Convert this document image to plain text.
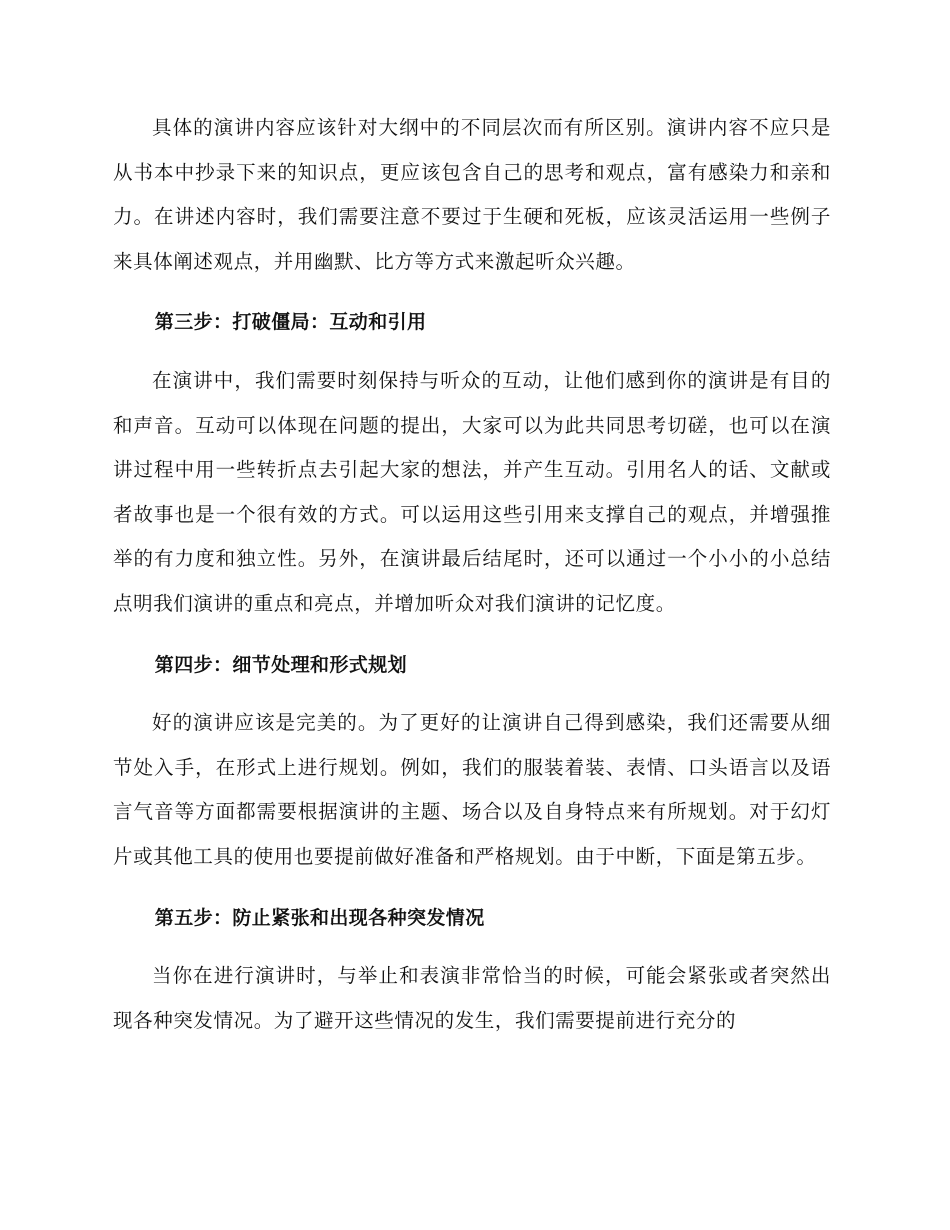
具体的演讲内容应该针对大纲中的不同层次而有所区别。演讲内容不应只是从书本中抄录下来的知识点，更应该包含自己的思考和观点，富有感染力和亲和力。在讲述内容时，我们需要注意不要过于生硬和死板，应该灵活运用一些例子来具体阐述观点，并用幽默、比方等方式来激起听众兴趣。

第三步：打破僵局：互动和引用

在演讲中，我们需要时刻保持与听众的互动，让他们感到你的演讲是有目的和声音。互动可以体现在问题的提出，大家可以为此共同思考切磋，也可以在演讲过程中用一些转折点去引起大家的想法，并产生互动。引用名人的话、文献或者故事也是一个很有效的方式。可以运用这些引用来支撑自己的观点，并增强推举的有力度和独立性。另外，在演讲最后结尾时，还可以通过一个小小的小总结点明我们演讲的重点和亮点，并增加听众对我们演讲的记忆度。

第四步：细节处理和形式规划

好的演讲应该是完美的。为了更好的让演讲自己得到感染，我们还需要从细节处入手，在形式上进行规划。例如，我们的服装着装、表情、口头语言以及语言气音等方面都需要根据演讲的主题、场合以及自身特点来有所规划。对于幻灯片或其他工具的使用也要提前做好准备和严格规划。由于中断，下面是第五步。

第五步：防止紧张和出现各种突发情况

当你在进行演讲时，与举止和表演非常恰当的时候，可能会紧张或者突然出现各种突发情况。为了避开这些情况的发生，我们需要提前进行充分的
